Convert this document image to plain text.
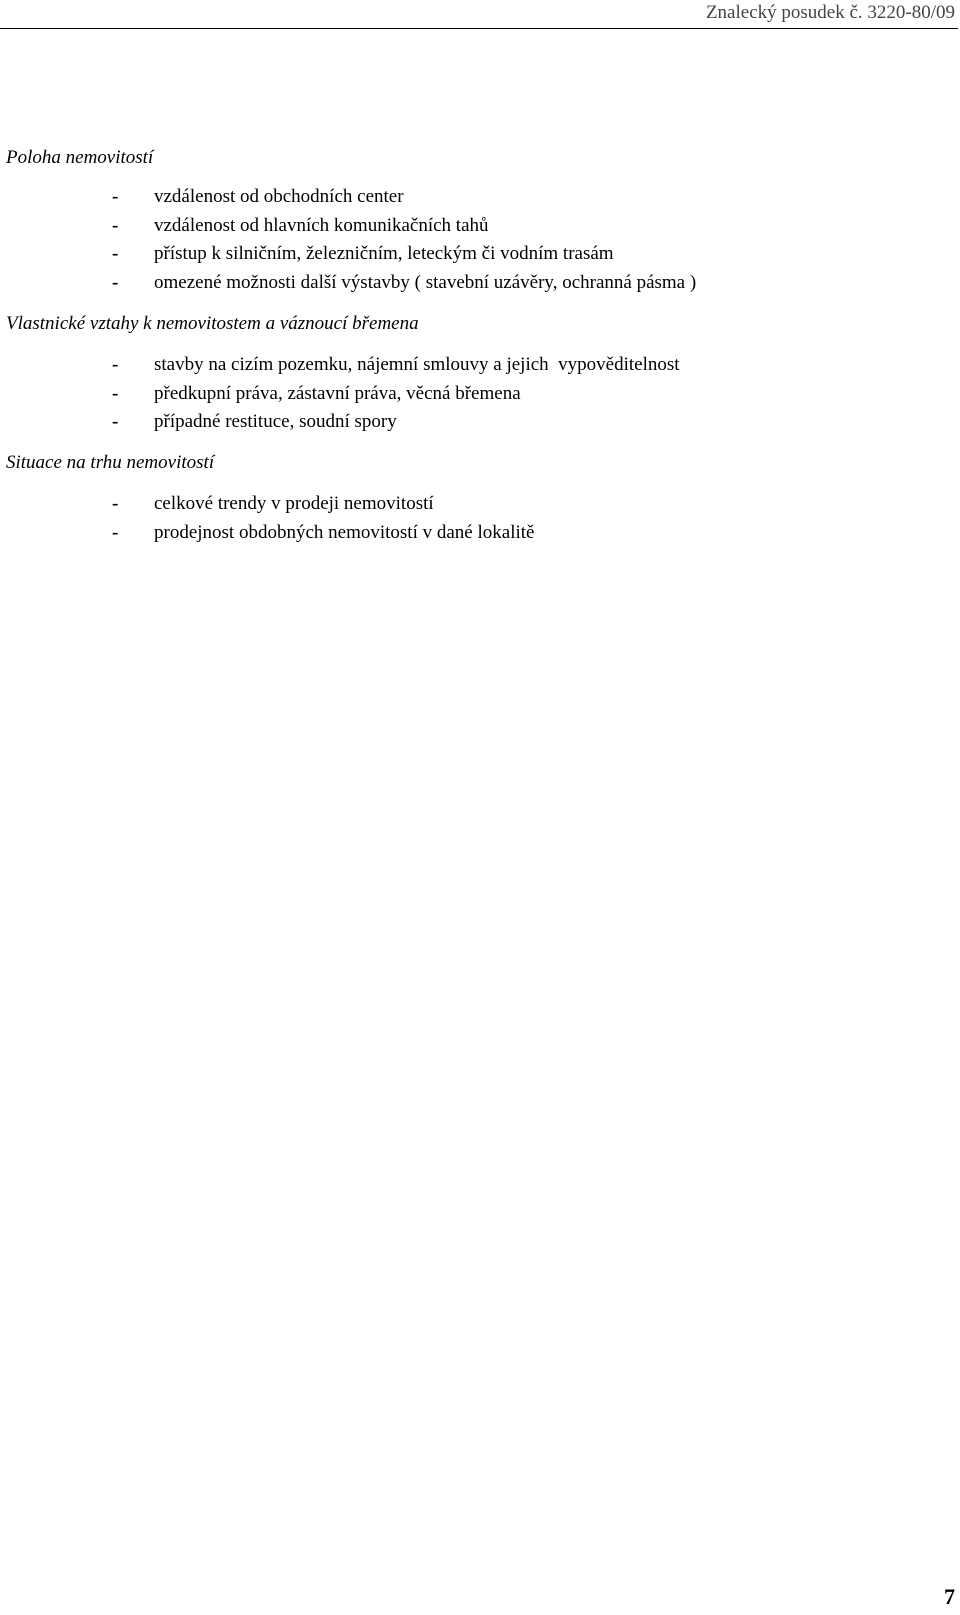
Znalecký posudek č. 3220-80/09
Poloha nemovitostí

-

vzdálenost od obchodních center

-

vzdálenost od hlavních komunikačních tahů

-

přístup k silničním, železničním, leteckým či vodním trasám

-

omezené možnosti další výstavby ( stavební uzávěry, ochranná pásma )

Vlastnické vztahy k nemovitostem a váznoucí břemena

-

stavby na cizím pozemku, nájemní smlouvy a jejich  vypověditelnost

-

předkupní práva, zástavní práva, věcná břemena

-

případné restituce, soudní spory

Situace na trhu nemovitostí

-

celkové trendy v prodeji nemovitostí

-

prodejnost obdobných nemovitostí v dané lokalitě

7
